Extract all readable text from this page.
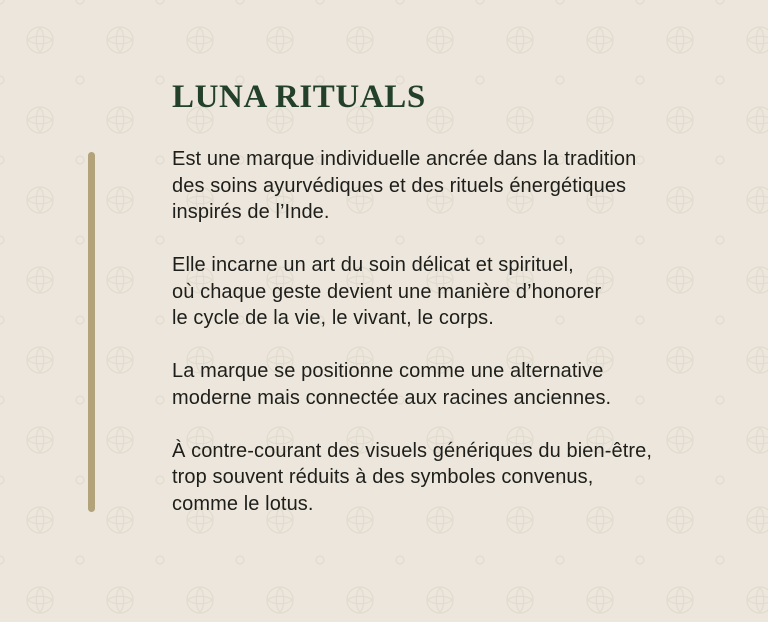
LUNA RITUALS

Est une marque individuelle ancrée dans la tradition
des soins ayurvédiques et des rituels énergétiques
inspirés de l’Inde.

Elle incarne un art du soin délicat et spirituel,
où chaque geste devient une manière d’honorer
le cycle de la vie, le vivant, le corps.

La marque se positionne comme une alternative
moderne mais connectée aux racines anciennes.

À contre-courant des visuels génériques du bien-être,
trop souvent réduits à des symboles convenus,
comme le lotus.
